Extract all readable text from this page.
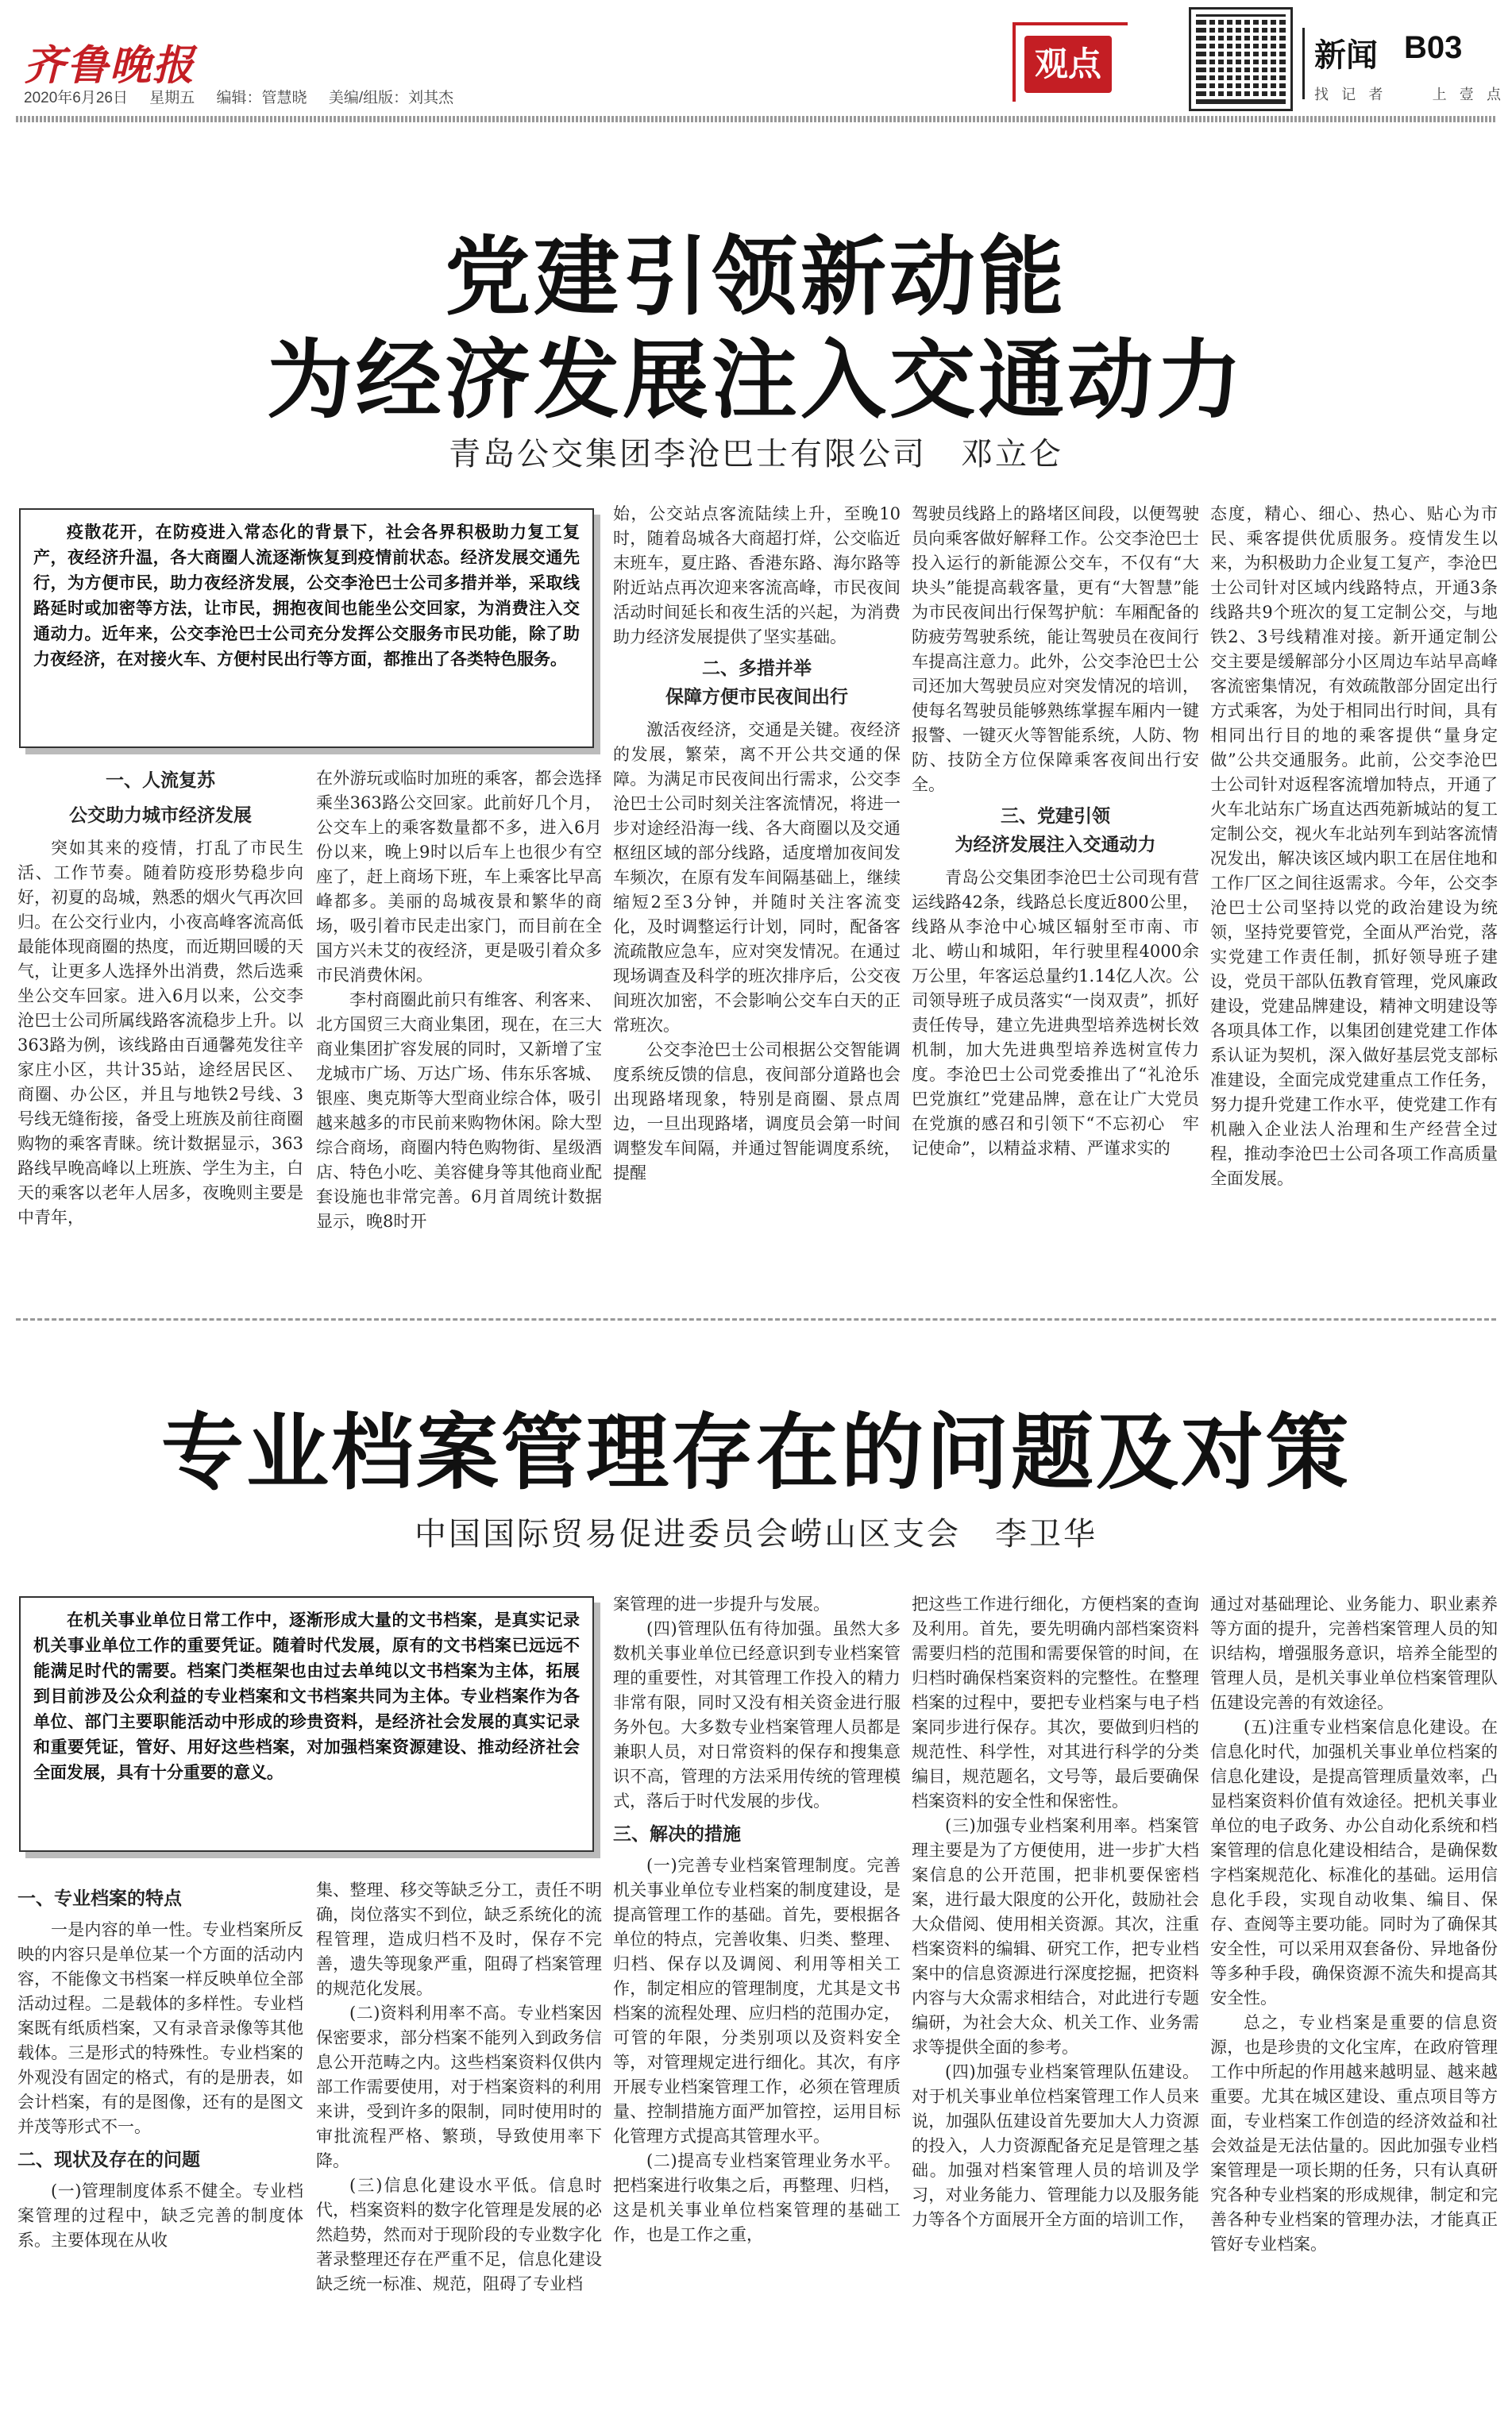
齐鲁晚报
2020年6月26日 星期五 编辑：管慧晓 美编/组版：刘其杰
观点	新闻 B03
找 记 者	上 壹 点
党建引领新动能
为经济发展注入交通动力
青岛公交集团李沧巴士有限公司　邓立仑

疫散花开，在防疫进入常态化的背景下，社会各界积极助力复工复产，夜经济升温，各大商圈人流逐渐恢复到疫情前状态。经济发展交通先行，为方便市民，助力夜经济发展，公交李沧巴士公司多措并举，采取线路延时或加密等方法，让市民，拥抱夜间也能坐公交回家，为消费注入交通动力。近年来，公交李沧巴士公司充分发挥公交服务市民功能，除了助力夜经济，在对接火车、方便村民出行等方面，都推出了各类特色服务。

一、人流复苏
公交助力城市经济发展

突如其来的疫情，打乱了市民生活、工作节奏。随着防疫形势稳步向好，初夏的岛城，熟悉的烟火气再次回归。在公交行业内，小夜高峰客流高低最能体现商圈的热度，而近期回暖的天气，让更多人选择外出消费，然后选乘坐公交车回家。进入6月以来，公交李沧巴士公司所属线路客流稳步上升。以363路为例，该线路由百通馨苑发往辛家庄小区，共计35站，途经居民区、商圈、办公区，并且与地铁2号线、3号线无缝衔接，备受上班族及前往商圈购物的乘客青睐。统计数据显示，363路线早晚高峰以上班族、学生为主，白天的乘客以老年人居多，夜晚则主要是中青年，

在外游玩或临时加班的乘客，都会选择乘坐363路公交回家。此前好几个月，公交车上的乘客数量都不多，进入6月份以来，晚上9时以后车上也很少有空座了，赶上商场下班，车上乘客比早高峰都多。美丽的岛城夜景和繁华的商场，吸引着市民走出家门，而目前在全国方兴未艾的夜经济，更是吸引着众多市民消费休闲。

李村商圈此前只有维客、利客来、北方国贸三大商业集团，现在，在三大商业集团扩容发展的同时，又新增了宝龙城市广场、万达广场、伟东乐客城、银座、奥克斯等大型商业综合体，吸引越来越多的市民前来购物休闲。除大型综合商场，商圈内特色购物街、星级酒店、特色小吃、美容健身等其他商业配套设施也非常完善。6月首周统计数据显示，晚8时开

始，公交站点客流陆续上升，至晚10时，随着岛城各大商超打烊，公交临近末班车，夏庄路、香港东路、海尔路等附近站点再次迎来客流高峰，市民夜间活动时间延长和夜生活的兴起，为消费助力经济发展提供了坚实基础。

二、多措并举
保障方便市民夜间出行

激活夜经济，交通是关键。夜经济的发展，繁荣，离不开公共交通的保障。为满足市民夜间出行需求，公交李沧巴士公司时刻关注客流情况，将进一步对途经沿海一线、各大商圈以及交通枢纽区域的部分线路，适度增加夜间发车频次，在原有发车间隔基础上，继续缩短2至3分钟，并随时关注客流变化，及时调整运行计划，同时，配备客流疏散应急车，应对突发情况。在通过现场调查及科学的班次排序后，公交夜间班次加密，不会影响公交车白天的正常班次。

公交李沧巴士公司根据公交智能调度系统反馈的信息，夜间部分道路也会出现路堵现象，特别是商圈、景点周边，一旦出现路堵，调度员会第一时间调整发车间隔，并通过智能调度系统，提醒

驾驶员线路上的路堵区间段，以便驾驶员向乘客做好解释工作。公交李沧巴士投入运行的新能源公交车，不仅有“大块头”能提高载客量，更有“大智慧”能为市民夜间出行保驾护航：车厢配备的防疲劳驾驶系统，能让驾驶员在夜间行车提高注意力。此外，公交李沧巴士公司还加大驾驶员应对突发情况的培训，使每名驾驶员能够熟练掌握车厢内一键报警、一键灭火等智能系统，人防、物防、技防全方位保障乘客夜间出行安全。

三、党建引领
为经济发展注入交通动力

青岛公交集团李沧巴士公司现有营运线路42条，线路总长度近800公里，线路从李沧中心城区辐射至市南、市北、崂山和城阳，年行驶里程4000余万公里，年客运总量约1.14亿人次。公司领导班子成员落实“一岗双责”，抓好责任传导，建立先进典型培养选树长效机制，加大先进典型培养选树宣传力度。李沧巴士公司党委推出了“礼沧乐巴党旗红”党建品牌，意在让广大党员在党旗的感召和引领下“不忘初心　牢记使命”，以精益求精、严谨求实的

态度，精心、细心、热心、贴心为市民、乘客提供优质服务。疫情发生以来，为积极助力企业复工复产，李沧巴士公司针对区域内线路特点，开通3条线路共9个班次的复工定制公交，与地铁2、3号线精准对接。新开通定制公交主要是缓解部分小区周边车站早高峰客流密集情况，有效疏散部分固定出行方式乘客，为处于相同出行时间，具有相同出行目的地的乘客提供“量身定做”公共交通服务。此前，公交李沧巴士公司针对返程客流增加特点，开通了火车北站东广场直达西苑新城站的复工定制公交，视火车北站列车到站客流情况发出，解决该区域内职工在居住地和工作厂区之间往返需求。今年，公交李沧巴士公司坚持以党的政治建设为统领，坚持党要管党，全面从严治党，落实党建工作责任制，抓好领导班子建设，党员干部队伍教育管理，党风廉政建设，党建品牌建设，精神文明建设等各项具体工作，以集团创建党建工作体系认证为契机，深入做好基层党支部标准建设，全面完成党建重点工作任务，努力提升党建工作水平，使党建工作有机融入企业法人治理和生产经营全过程，推动李沧巴士公司各项工作高质量全面发展。

专业档案管理存在的问题及对策
中国国际贸易促进委员会崂山区支会　李卫华

在机关事业单位日常工作中，逐渐形成大量的文书档案，是真实记录机关事业单位工作的重要凭证。随着时代发展，原有的文书档案已远远不能满足时代的需要。档案门类框架也由过去单纯以文书档案为主体，拓展到目前涉及公众利益的专业档案和文书档案共同为主体。专业档案作为各单位、部门主要职能活动中形成的珍贵资料，是经济社会发展的真实记录和重要凭证，管好、用好这些档案，对加强档案资源建设、推动经济社会全面发展，具有十分重要的意义。

一、专业档案的特点

一是内容的单一性。专业档案所反映的内容只是单位某一个方面的活动内容，不能像文书档案一样反映单位全部活动过程。二是载体的多样性。专业档案既有纸质档案，又有录音录像等其他载体。三是形式的特殊性。专业档案的外观没有固定的格式，有的是册表，如会计档案，有的是图像，还有的是图文并茂等形式不一。

二、现状及存在的问题

(一)管理制度体系不健全。专业档案管理的过程中，缺乏完善的制度体系。主要体现在从收

集、整理、移交等缺乏分工，责任不明确，岗位落实不到位，缺乏系统化的流程管理，造成归档不及时，保存不完善，遗失等现象严重，阻碍了档案管理的规范化发展。

(二)资料利用率不高。专业档案因保密要求，部分档案不能列入到政务信息公开范畴之内。这些档案资料仅供内部工作需要使用，对于档案资料的利用来讲，受到许多的限制，同时使用时的审批流程严格、繁琐，导致使用率下降。

(三)信息化建设水平低。信息时代，档案资料的数字化管理是发展的必然趋势，然而对于现阶段的专业数字化著录整理还存在严重不足，信息化建设缺乏统一标准、规范，阻碍了专业档

案管理的进一步提升与发展。

(四)管理队伍有待加强。虽然大多数机关事业单位已经意识到专业档案管理的重要性，对其管理工作投入的精力非常有限，同时又没有相关资金进行服务外包。大多数专业档案管理人员都是兼职人员，对日常资料的保存和搜集意识不高，管理的方法采用传统的管理模式，落后于时代发展的步伐。

三、解决的措施

(一)完善专业档案管理制度。完善机关事业单位专业档案的制度建设，是提高管理工作的基础。首先，要根据各单位的特点，完善收集、归类、整理、归档、保存以及调阅、利用等相关工作，制定相应的管理制度，尤其是文书档案的流程处理、应归档的范围办定，可管的年限，分类别项以及资料安全等，对管理规定进行细化。其次，有序开展专业档案管理工作，必须在管理质量、控制措施方面严加管控，运用目标化管理方式提高其管理水平。

(二)提高专业档案管理业务水平。把档案进行收集之后，再整理、归档，这是机关事业单位档案管理的基础工作，也是工作之重，

把这些工作进行细化，方便档案的查询及利用。首先，要先明确内部档案资料需要归档的范围和需要保管的时间，在归档时确保档案资料的完整性。在整理档案的过程中，要把专业档案与电子档案同步进行保存。其次，要做到归档的规范性、科学性，对其进行科学的分类编目，规范题名，文号等，最后要确保档案资料的安全性和保密性。

(三)加强专业档案利用率。档案管理主要是为了方便使用，进一步扩大档案信息的公开范围，把非机要保密档案，进行最大限度的公开化，鼓励社会大众借阅、使用相关资源。其次，注重档案资料的编辑、研究工作，把专业档案中的信息资源进行深度挖掘，把资料内容与大众需求相结合，对此进行专题编研，为社会大众、机关工作、业务需求等提供全面的参考。

(四)加强专业档案管理队伍建设。对于机关事业单位档案管理工作人员来说，加强队伍建设首先要加大人力资源的投入，人力资源配备充足是管理之基础。加强对档案管理人员的培训及学习，对业务能力、管理能力以及服务能力等各个方面展开全方面的培训工作，

通过对基础理论、业务能力、职业素养等方面的提升，完善档案管理人员的知识结构，增强服务意识，培养全能型的管理人员，是机关事业单位档案管理队伍建设完善的有效途径。

(五)注重专业档案信息化建设。在信息化时代，加强机关事业单位档案的信息化建设，是提高管理质量效率，凸显档案资料价值有效途径。把机关事业单位的电子政务、办公自动化系统和档案管理的信息化建设相结合，是确保数字档案规范化、标准化的基础。运用信息化手段，实现自动收集、编目、保存、查阅等主要功能。同时为了确保其安全性，可以采用双套备份、异地备份等多种手段，确保资源不流失和提高其安全性。

总之，专业档案是重要的信息资源，也是珍贵的文化宝库，在政府管理工作中所起的作用越来越明显、越来越重要。尤其在城区建设、重点项目等方面，专业档案工作创造的经济效益和社会效益是无法估量的。因此加强专业档案管理是一项长期的任务，只有认真研究各种专业档案的形成规律，制定和完善各种专业档案的管理办法，才能真正管好专业档案。
